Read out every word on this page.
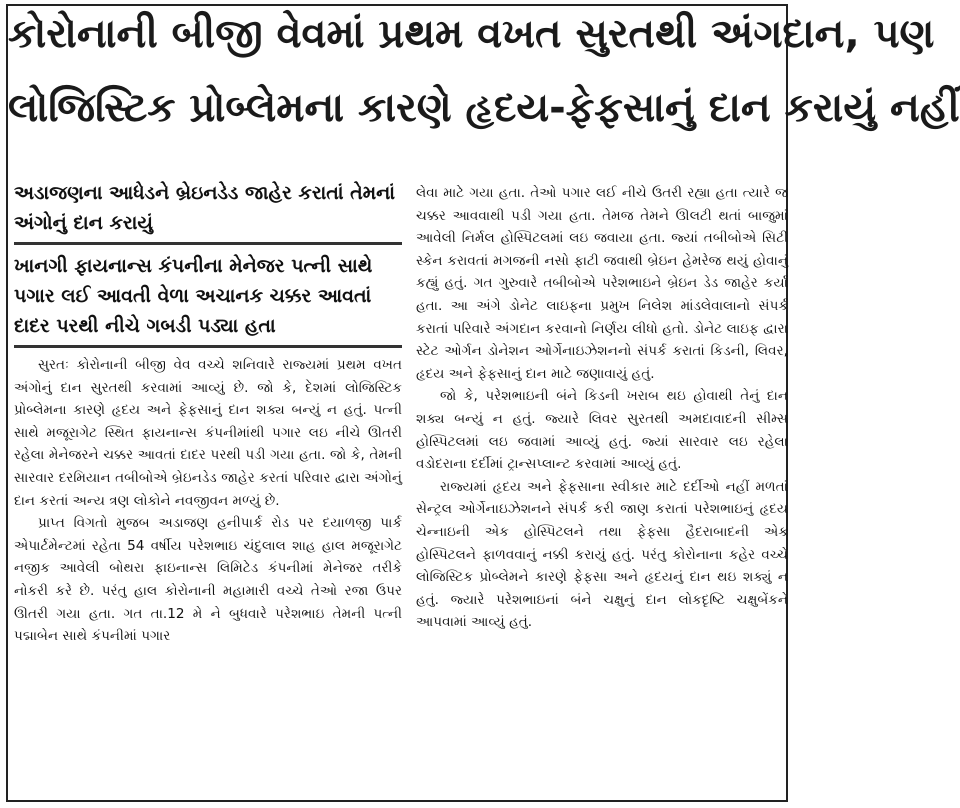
કોરોનાની બીજી વેવમાં પ્રથમ વખત સુરતથી અંગદાન, પણ
લોજિસ્ટિક પ્રોબ્લેમના કારણે હૃદય-ફેફસાનું દાન કરાયું નહીં

અડાજણના આધેડને બ્રેઇનડેડ જાહેર કરાતાં તેમનાં અંગોનું દાન કરાયું

ખાનગી ફાયનાન્સ કંપનીના મેનેજર પત્ની સાથે પગાર લઈ આવતી વેળા અચાનક ચક્કર આવતાં દાદર પરથી નીચે ગબડી પડ્યા હતા

સુરતઃ કોરોનાની બીજી વેવ વચ્ચે શનિવારે રાજ્યમાં પ્રથમ વખત અંગોનું દાન સુરતથી કરવામાં આવ્યું છે. જો કે, દેશમાં લોજિસ્ટિક પ્રોબ્લેમના કારણે હૃદય અને ફેફસાનું દાન શક્ય બન્યું ન હતું. પત્ની સાથે મજૂરાગેટ સ્થિત ફાયનાન્સ કંપનીમાંથી પગાર લઇ નીચે ઊતરી રહેલા મેનેજરને ચક્કર આવતાં દાદર પરથી પડી ગયા હતા. જો કે, તેમની સારવાર દરમિયાન તબીબોએ બ્રેઇનડેડ જાહેર કરતાં પરિવાર દ્વારા અંગોનું દાન કરતાં અન્ય ત્રણ લોકોને નવજીવન મળ્યું છે.

પ્રાપ્ત વિગતો મુજબ અડાજણ હનીપાર્ક રોડ પર દયાળજી પાર્ક એપાર્ટમેન્ટમાં રહેતા 54 વર્ષીય પરેશભાઇ ચંદુલાલ શાહ હાલ મજૂરાગેટ નજીક આવેલી બોથરા ફાઇનાન્સ લિમિટેડ કંપનીમાં મેનેજર તરીકે નોકરી કરે છે. પરંતુ હાલ કોરોનાની મહામારી વચ્ચે તેઓ રજા ઉપર ઊતરી ગયા હતા. ગત તા.12 મે ને બુધવારે પરેશભાઇ તેમની પત્ની પદ્માબેન સાથે કંપનીમાં પગાર

લેવા માટે ગયા હતા. તેઓ પગાર લઈ નીચે ઉતરી રહ્યા હતા ત્યારે જ ચક્કર આવવાથી પડી ગયા હતા. તેમજ તેમને ઊલટી થતાં બાજુમાં આવેલી નિર્મલ હોસ્પિટલમાં લઇ જવાયા હતા. જ્યાં તબીબોએ સિટી સ્કેન કરાવતાં મગજની નસો ફાટી જવાથી બ્રેઇન હેમરેજ થયું હોવાનું કહ્યું હતું. ગત ગુરુવારે તબીબોએ પરેશભાઇને બ્રેઇન ડેડ જાહેર કર્યા હતા. આ અંગે ડોનેટ લાઇફના પ્રમુખ નિલેશ માંડલેવાલાનો સંપર્ક કરાતાં પરિવારે અંગદાન કરવાનો નિર્ણય લીધો હતો. ડોનેટ લાઇફ દ્વારા સ્ટેટ ઓર્ગન ડોનેશન ઓર્ગેનાઇઝેશનનો સંપર્ક કરાતાં કિડની, લિવર, હૃદય અને ફેફસાનું દાન માટે જણાવાયું હતું.

જો કે, પરેશભાઇની બંને કિડની ખરાબ થઇ હોવાથી તેનું દાન શક્ય બન્યું ન હતું. જ્યારે લિવર સુરતથી અમદાવાદની સીમ્સ હોસ્પિટલમાં લઇ જવામાં આવ્યું હતું. જ્યાં સારવાર લઇ રહેલા વડોદરાના દર્દીમાં ટ્રાન્સપ્લાન્ટ કરવામાં આવ્યું હતું.

રાજ્યમાં હૃદય અને ફેફસાના સ્વીકાર માટે દર્દીઓ નહીં મળતાં સેન્ટ્રલ ઓર્ગેનાઇઝેશનને સંપર્ક કરી જાણ કરાતાં પરેશભાઇનું હૃદય ચેન્નાઇની એક હોસ્પિટલને તથા ફેફસા હૈદરાબાદની એક હોસ્પિટલને ફાળવવાનું નક્કી કરાયું હતું. પરંતુ કોરોનાના કહેર વચ્ચે લોજિસ્ટિક પ્રોબ્લેમને કારણે ફેફસા અને હૃદયનું દાન થઇ શક્યું ન હતું. જ્યારે પરેશભાઇનાં બંને ચક્ષુનું દાન લોકદૃષ્ટિ ચક્ષુબેંકને આપવામાં આવ્યું હતું.
